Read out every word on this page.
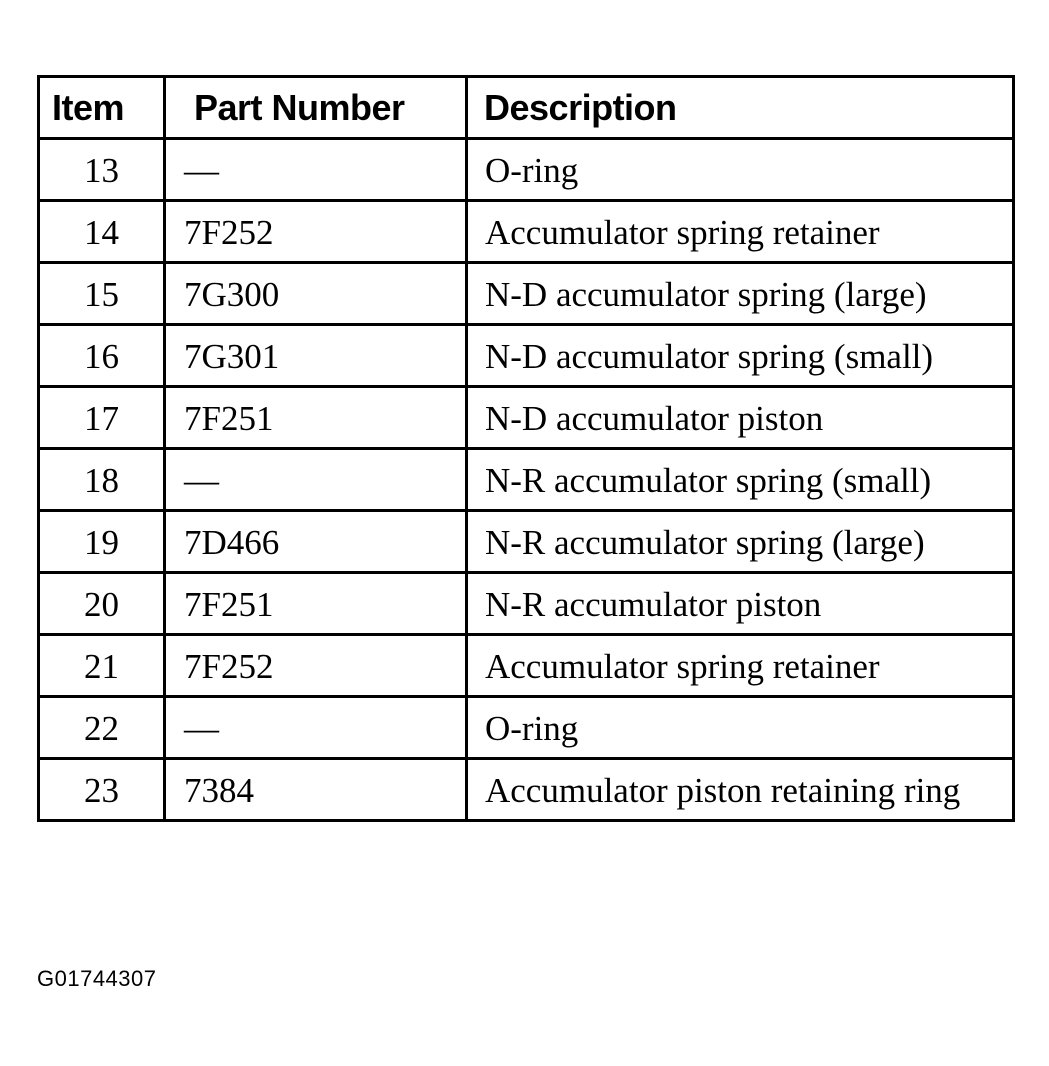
Item	Part Number	Description
13	—	O-ring
14	7F252	Accumulator spring retainer
15	7G300	N-D accumulator spring (large)
16	7G301	N-D accumulator spring (small)
17	7F251	N-D accumulator piston
18	—	N-R accumulator spring (small)
19	7D466	N-R accumulator spring (large)
20	7F251	N-R accumulator piston
21	7F252	Accumulator spring retainer
22	—	O-ring
23	7384	Accumulator piston retaining ring
G01744307
